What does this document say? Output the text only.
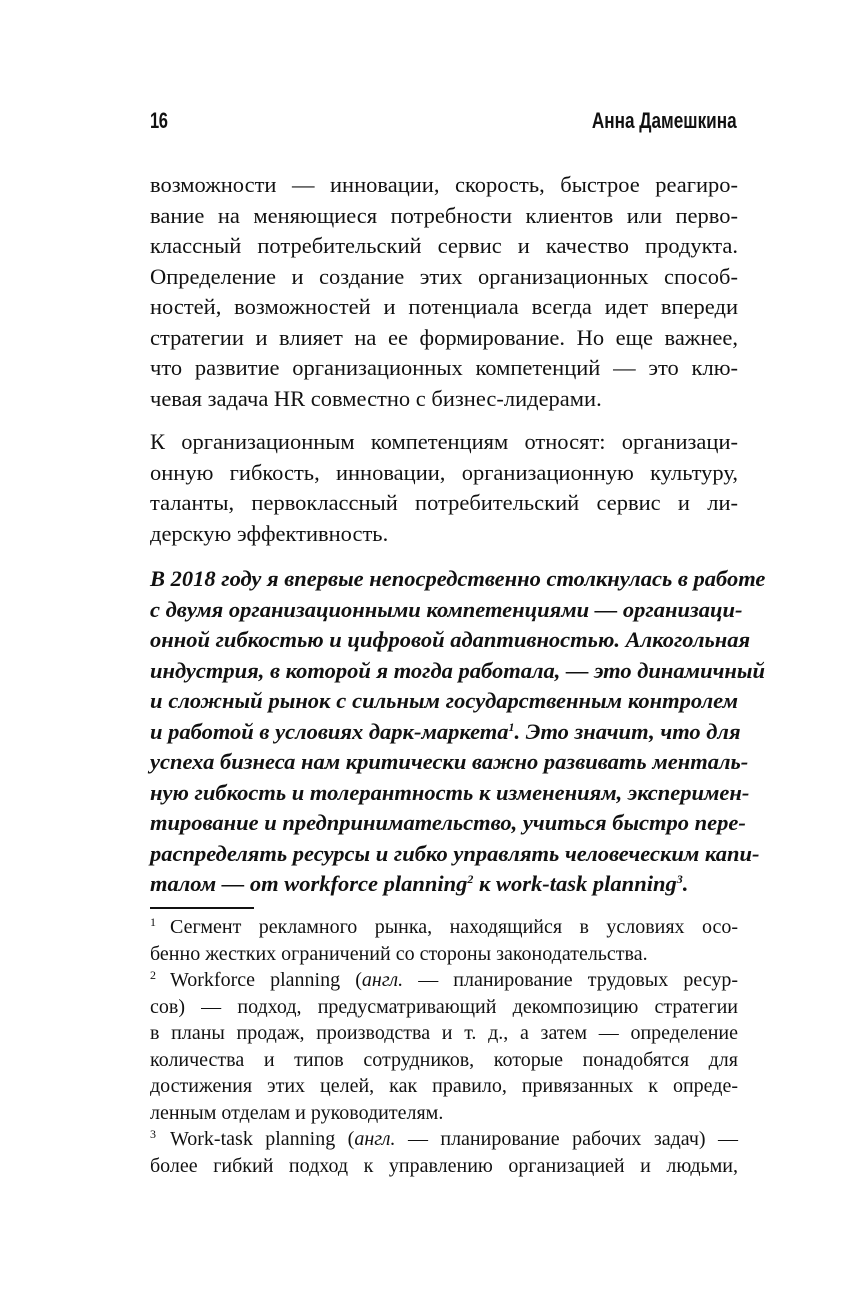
16	Анна Дамешкина
возможности — инновации, скорость, быстрое реагиро-
вание на меняющиеся потребности клиентов или перво-
классный потребительский сервис и качество продукта.
Определение и создание этих организационных способ-
ностей, возможностей и потенциала всегда идет впереди
стратегии и влияет на ее формирование. Но еще важнее,
что развитие организационных компетенций — это клю-
чевая задача HR совместно с бизнес-лидерами.
К организационным компетенциям относят: организаци-
онную гибкость, инновации, организационную культуру,
таланты, первоклассный потребительский сервис и ли-
дерскую эффективность.
В 2018 году я впервые непосредственно столкнулась в работе
с двумя организационными компетенциями — организаци-
онной гибкостью и цифровой адаптивностью. Алкогольная
индустрия, в которой я тогда работала, — это динамичный
и сложный рынок с сильным государственным контролем
и работой в условиях дарк-маркета$^1$. Это значит, что для
успеха бизнеса нам критически важно развивать менталь-
ную гибкость и толерантность к изменениям, эксперимен-
тирование и предпринимательство, учиться быстро пере-
распределять ресурсы и гибко управлять человеческим капи-
талом — от workforce planning$^2$ к work-task planning$^3$.
$^1$ Сегмент рекламного рынка, находящийся в условиях осо-
бенно жестких ограничений со стороны законодательства.
$^2$ Workforce planning (англ. — планирование трудовых ресур-
сов) — подход, предусматривающий декомпозицию стратегии
в планы продаж, производства и т. д., а затем — определение
количества и типов сотрудников, которые понадобятся для
достижения этих целей, как правило, привязанных к опреде-
ленным отделам и руководителям.
$^3$ Work-task planning (англ. — планирование рабочих задач) —
более гибкий подход к управлению организацией и людьми,
